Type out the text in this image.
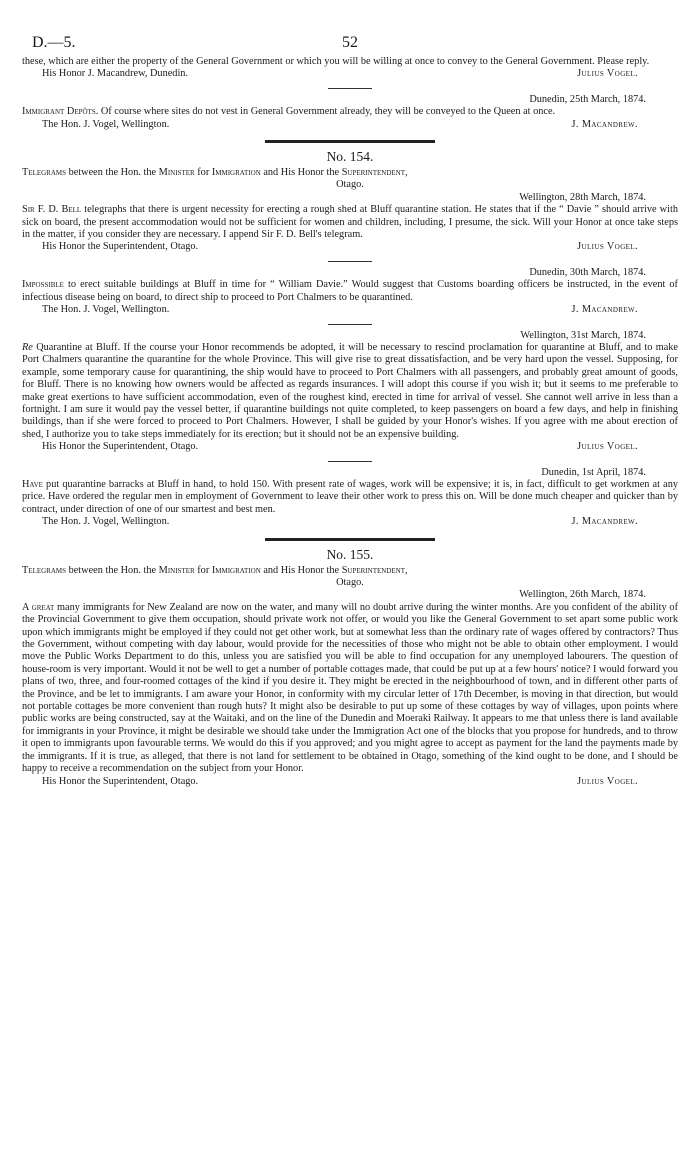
D.—5.	52

these, which are either the property of the General Government or which you will be willing at once to convey to the General Government. Please reply.

His Honor J. Macandrew, Dunedin.	Julius Vogel.
Dunedin, 25th March, 1874.

Immigrant Depôts. Of course where sites do not vest in General Government already, they will be conveyed to the Queen at once.

The Hon. J. Vogel, Wellington.	J. Macandrew.
No. 154.

Telegrams between the Hon. the Minister for Immigration and His Honor the Superintendent,

Otago.
Wellington, 28th March, 1874.

Sir F. D. Bell telegraphs that there is urgent necessity for erecting a rough shed at Bluff quarantine station. He states that if the “ Davie ” should arrive with sick on board, the present accommodation would not be sufficient for women and children, including, I presume, the sick. Will your Honor at once take steps in the matter, if you consider they are necessary. I append Sir F. D. Bell's telegram.

His Honor the Superintendent, Otago.	Julius Vogel.
Dunedin, 30th March, 1874.

Impossible to erect suitable buildings at Bluff in time for “ William Davie.” Would suggest that Customs boarding officers be instructed, in the event of infectious disease being on board, to direct ship to proceed to Port Chalmers to be quarantined.

The Hon. J. Vogel, Wellington.	J. Macandrew.
Wellington, 31st March, 1874.

Re Quarantine at Bluff. If the course your Honor recommends be adopted, it will be necessary to rescind proclamation for quarantine at Bluff, and to make Port Chalmers quarantine the quarantine for the whole Province. This will give rise to great dissatisfaction, and be very hard upon the vessel. Supposing, for example, some temporary cause for quarantining, the ship would have to proceed to Port Chalmers with all passengers, and probably great amount of goods, for Bluff. There is no knowing how owners would be affected as regards insurances. I will adopt this course if you wish it; but it seems to me preferable to make great exertions to have sufficient accommodation, even of the roughest kind, erected in time for arrival of vessel. She cannot well arrive in less than a fortnight. I am sure it would pay the vessel better, if quarantine buildings not quite completed, to keep passengers on board a few days, and help in finishing buildings, than if she were forced to proceed to Port Chalmers. However, I shall be guided by your Honor's wishes. If you agree with me about erection of shed, I authorize you to take steps immediately for its erection; but it should not be an expensive building.

His Honor the Superintendent, Otago.	Julius Vogel.
Dunedin, 1st April, 1874.

Have put quarantine barracks at Bluff in hand, to hold 150. With present rate of wages, work will be expensive; it is, in fact, difficult to get workmen at any price. Have ordered the regular men in employment of Government to leave their other work to press this on. Will be done much cheaper and quicker than by contract, under direction of one of our smartest and best men.

The Hon. J. Vogel, Wellington.	J. Macandrew.
No. 155.

Telegrams between the Hon. the Minister for Immigration and His Honor the Superintendent,

Otago.
Wellington, 26th March, 1874.

A great many immigrants for New Zealand are now on the water, and many will no doubt arrive during the winter months. Are you confident of the ability of the Provincial Government to give them occupation, should private work not offer, or would you like the General Government to set apart some public work upon which immigrants might be employed if they could not get other work, but at somewhat less than the ordinary rate of wages offered by contractors? Thus the Government, without competing with day labour, would provide for the necessities of those who might not be able to obtain other employment. I would move the Public Works Department to do this, unless you are satisfied you will be able to find occupation for any unemployed labourers. The question of house-room is very important. Would it not be well to get a number of portable cottages made, that could be put up at a few hours' notice? I would forward you plans of two, three, and four-roomed cottages of the kind if you desire it. They might be erected in the neighbourhood of town, and in different other parts of the Province, and be let to immigrants. I am aware your Honor, in conformity with my circular letter of 17th December, is moving in that direction, but would not portable cottages be more convenient than rough huts? It might also be desirable to put up some of these cottages by way of villages, upon points where public works are being constructed, say at the Waitaki, and on the line of the Dunedin and Moeraki Railway. It appears to me that unless there is land available for immigrants in your Province, it might be desirable we should take under the Immigration Act one of the blocks that you propose for hundreds, and to throw it open to immigrants upon favourable terms. We would do this if you approved; and you might agree to accept as payment for the land the payments made by the immigrants. If it is true, as alleged, that there is not land for settlement to be obtained in Otago, something of the kind ought to be done, and I should be happy to receive a recommendation on the subject from your Honor.

His Honor the Superintendent, Otago.	Julius Vogel.
